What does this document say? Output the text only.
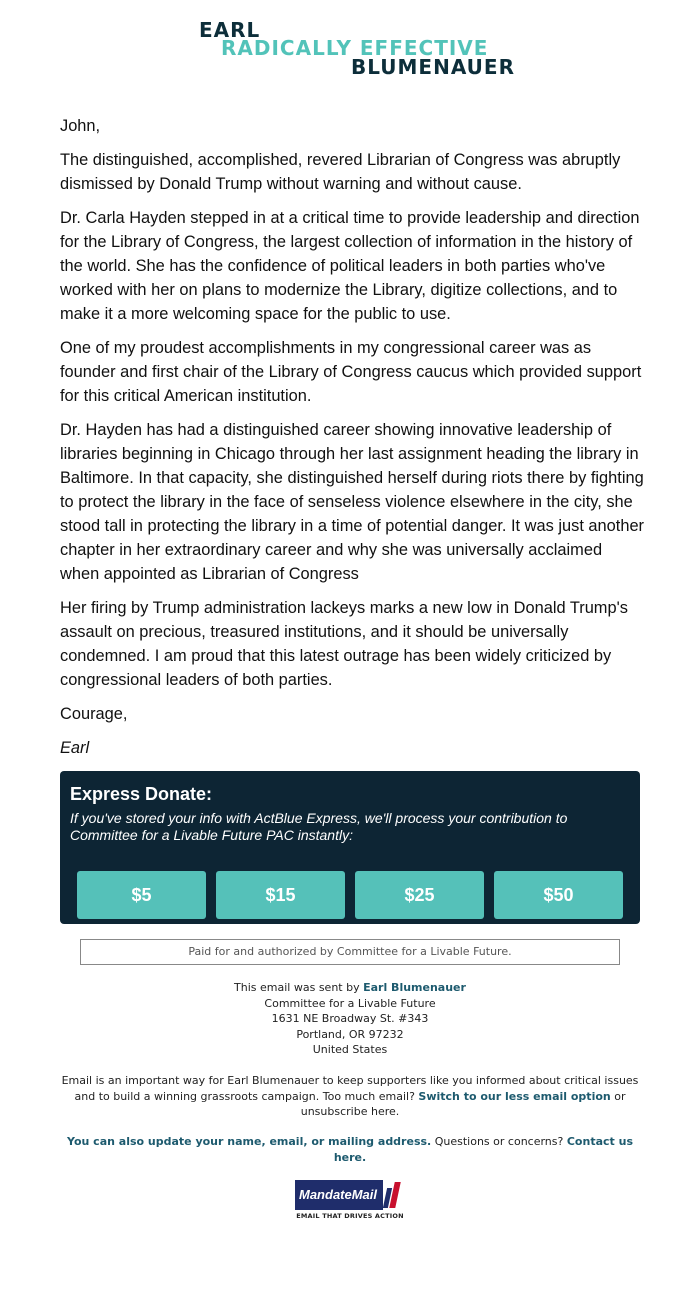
EARL
RADICALLY EFFECTIVE
BLUMENAUER

John,

The distinguished, accomplished, revered Librarian of Congress was abruptly dismissed by Donald Trump without warning and without cause.

Dr. Carla Hayden stepped in at a critical time to provide leadership and direction for the Library of Congress, the largest collection of information in the history of the world. She has the confidence of political leaders in both parties who've worked with her on plans to modernize the Library, digitize collections, and to make it a more welcoming space for the public to use.

One of my proudest accomplishments in my congressional career was as founder and first chair of the Library of Congress caucus which provided support for this critical American institution.

Dr. Hayden has had a distinguished career showing innovative leadership of libraries beginning in Chicago through her last assignment heading the library in Baltimore. In that capacity, she distinguished herself during riots there by fighting to protect the library in the face of senseless violence elsewhere in the city, she stood tall in protecting the library in a time of potential danger. It was just another chapter in her extraordinary career and why she was universally acclaimed when appointed as Librarian of Congress

Her firing by Trump administration lackeys marks a new low in Donald Trump's assault on precious, treasured institutions, and it should be universally condemned. I am proud that this latest outrage has been widely criticized by congressional leaders of both parties.

Courage,

Earl

Express Donate:
If you've stored your info with ActBlue Express, we'll process your contribution to Committee for a Livable Future PAC instantly:
$5	$15	$25	$50
Paid for and authorized by Committee for a Livable Future.
This email was sent by Earl Blumenauer
Committee for a Livable Future
1631 NE Broadway St. #343
Portland, OR 97232
United States
Email is an important way for Earl Blumenauer to keep supporters like you informed about critical issues and to build a winning grassroots campaign. Too much email? Switch to our less email option or unsubscribe here.
You can also update your name, email, or mailing address. Questions or concerns? Contact us here.
MandateMail
EMAIL THAT DRIVES ACTION
